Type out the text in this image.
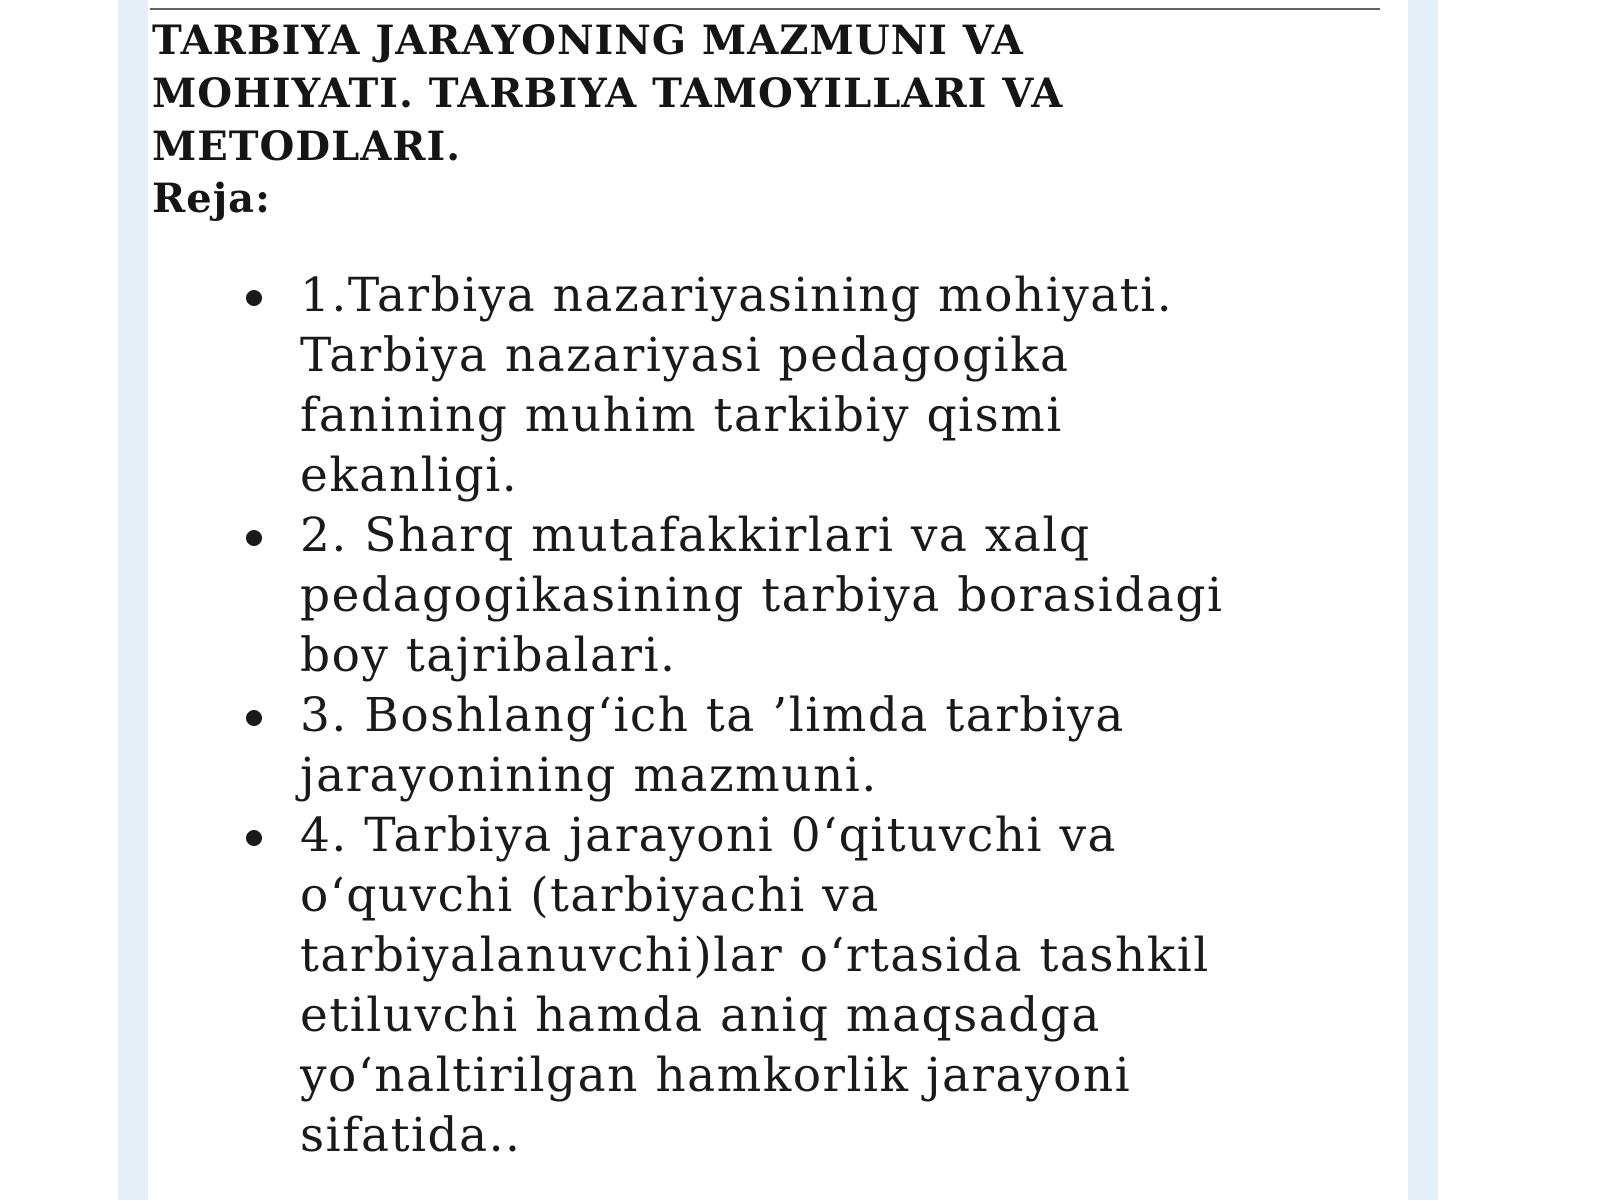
TARBIYA JARAYONING MAZMUNI VA
MOHIYATI. TARBIYA TAMOYILLARI VA
METODLARI.

Reja:

1.Tarbiya nazariyasining mohiyati.
Tarbiya nazariyasi pedagogika
fanining muhim tarkibiy qismi
ekanligi.
2. Sharq mutafakkirlari va xalq
pedagogikasining tarbiya borasidagi
boy tajribalari.
3. Boshlang‘ich ta ’limda tarbiya
jarayonining mazmuni.
4. Tarbiya jarayoni 0‘qituvchi va
o‘quvchi (tarbiyachi va
tarbiyalanuvchi)lar o‘rtasida tashkil
etiluvchi hamda aniq maqsadga
yo‘naltirilgan hamkorlik jarayoni
sifatida..
